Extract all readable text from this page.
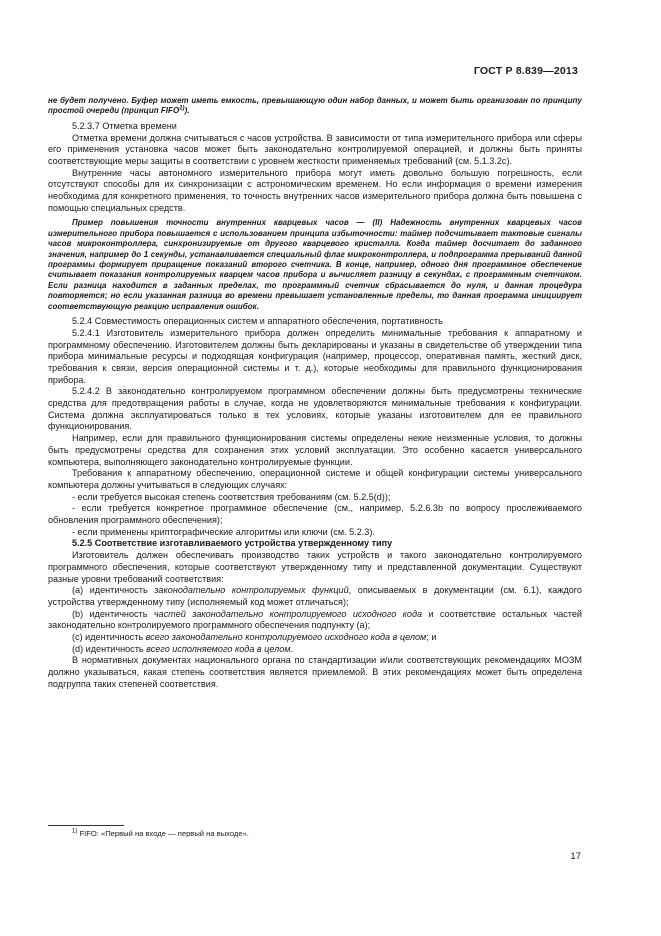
ГОСТ Р 8.839—2013

не будет получено. Буфер может иметь емкость, превышающую один набор данных, и может быть организован по принципу простой очереди (принцип FIFO$^{1)}$).

5.2.3.7 Отметка времени

Отметка времени должна считываться с часов устройства. В зависимости от типа измерительного прибора или сферы его применения установка часов может быть законодательно контролируемой операцией, и должны быть приняты соответствующие меры защиты в соответствии с уровнем жесткости применяемых требований (см. 5.1.3.2c).

Внутренние часы автономного измерительного прибора могут иметь довольно большую погрешность, если отсутствуют способы для их синхронизации с астрономическим временем. Но если информация о времени измерения необходима для конкретного применения, то точность внутренних часов измерительного прибора должна быть повышена с помощью специальных средств.

Пример повышения точности внутренних кварцевых часов — (II) Надежность внутренних кварцевых часов измерительного прибора повышается с использованием принципа избыточности: таймер подсчитывает тактовые сигналы часов микроконтроллера, синхронизируемые от другого кварцевого кристалла. Когда таймер досчитает до заданного значения, например до 1 секунды, устанавливается специальный флаг микроконтроллера, и подпрограмма прерываний данной программы формирует приращение показаний второго счетчика. В конце, например, одного дня программное обеспечение считывает показания контролируемых кварцем часов прибора и вычисляет разницу в секундах, с программным счетчиком. Если разница находится в заданных пределах, то программный счетчик сбрасывается до нуля, и данная процедура повторяется; но если указанная разница во времени превышает установленные пределы, то данная программа инициирует соответствующую реакцию исправления ошибок.

5.2.4 Совместимость операционных систем и аппаратного обеспечения, портативность

5.2.4.1 Изготовитель измерительного прибора должен определить минимальные требования к аппаратному и программному обеспечению. Изготовителем должны быть декларированы и указаны в свидетельстве об утверждении типа прибора минимальные ресурсы и подходящая конфигурация (например, процессор, оперативная память, жесткий диск, требования к связи, версия операционной системы и т. д.), которые необходимы для правильного функционирования прибора.

5.2.4.2 В законодательно контролируемом программном обеспечении должны быть предусмотрены технические средства для предотвращения работы в случае, когда не удовлетворяются минимальные требования к конфигурации. Система должна эксплуатироваться только в тех условиях, которые указаны изготовителем для ее правильного функционирования.

Например, если для правильного функционирования системы определены некие неизменные условия, то должны быть предусмотрены средства для сохранения этих условий эксплуатации. Это особенно касается универсального компьютера, выполняющего законодательно контролируемые функции.

Требования к аппаратному обеспечению, операционной системе и общей конфигурации системы универсального компьютера должны учитываться в следующих случаях:

- если требуется высокая степень соответствия требованиям (см. 5.2.5(d));

- если требуется конкретное программное обеспечение (см., например, 5.2.6.3b по вопросу прослеживаемого обновления программного обеспечения);

- если применены криптографические алгоритмы или ключи (см. 5.2.3).

5.2.5 Соответствие изготавливаемого устройства утвержденному типу

Изготовитель должен обеспечивать производство таких устройств и такого законодательно контролируемого программного обеспечения, которые соответствуют утвержденному типу и представленной документации. Существуют разные уровни требований соответствия:

(a) идентичность законодательно контролируемых функций, описываемых в документации (см. 6.1), каждого устройства утвержденному типу (исполняемый код может отличаться);

(b) идентичность частей законодательно контролируемого исходного кода и соответствие остальных частей законодательно контролируемого программного обеспечения подпункту (a);

(c) идентичность всего законодательно контролируемого исходного кода в целом; и

(d) идентичность всего исполняемого кода в целом.

В нормативных документах национального органа по стандартизации и/или соответствующих рекомендациях МОЗМ должно указываться, какая степень соответствия является приемлемой. В этих рекомендациях может быть определена подгруппа таких степеней соответствия.

$^{1)}$ FIFO: «Первый на входе — первый на выходе».
17
